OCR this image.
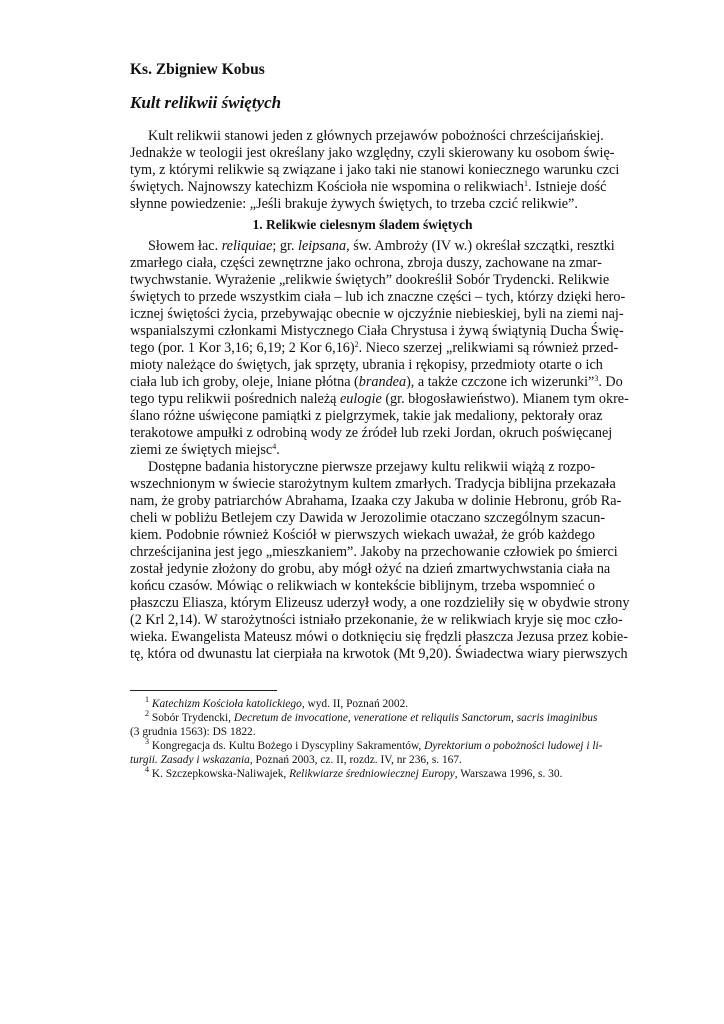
Ks. Zbigniew Kobus
Kult relikwii świętych
Kult relikwii stanowi jeden z głównych przejawów pobożności chrześcijańskiej.
Jednakże w teologii jest określany jako względny, czyli skierowany ku osobom świę-
tym, z którymi relikwie są związane i jako taki nie stanowi koniecznego warunku czci
świętych. Najnowszy katechizm Kościoła nie wspomina o relikwiach$^1$. Istnieje dość
słynne powiedzenie: „Jeśli brakuje żywych świętych, to trzeba czcić relikwie”.
1. Relikwie cielesnym śladem świętych
Słowem łac. reliquiae; gr. leipsana, św. Ambroży (IV w.) określał szczątki, resztki
zmarłego ciała, części zewnętrzne jako ochrona, zbroja duszy, zachowane na zmar-
twychwstanie. Wyrażenie „relikwie świętych” dookreślił Sobór Trydencki. Relikwie
świętych to przede wszystkim ciała – lub ich znaczne części – tych, którzy dzięki hero-
icznej świętości życia, przebywając obecnie w ojczyźnie niebieskiej, byli na ziemi naj-
wspanialszymi członkami Mistycznego Ciała Chrystusa i żywą świątynią Ducha Świę-
tego (por. 1 Kor 3,16; 6,19; 2 Kor 6,16)$^2$. Nieco szerzej „relikwiami są również przed-
mioty należące do świętych, jak sprzęty, ubrania i rękopisy, przedmioty otarte o ich
ciała lub ich groby, oleje, lniane płótna (brandea), a także czczone ich wizerunki”$^3$. Do
tego typu relikwii pośrednich należą eulogie (gr. błogosławieństwo). Mianem tym okre-
ślano różne uświęcone pamiątki z pielgrzymek, takie jak medaliony, pektorały oraz
terakotowe ampułki z odrobiną wody ze źródeł lub rzeki Jordan, okruch poświęcanej
ziemi ze świętych miejsc$^4$.
Dostępne badania historyczne pierwsze przejawy kultu relikwii wiążą z rozpo-
wszechnionym w świecie starożytnym kultem zmarłych. Tradycja biblijna przekazała
nam, że groby patriarchów Abrahama, Izaaka czy Jakuba w dolinie Hebronu, grób Ra-
cheli w pobliżu Betlejem czy Dawida w Jerozolimie otaczano szczególnym szacun-
kiem. Podobnie również Kościół w pierwszych wiekach uważał, że grób każdego
chrześcijanina jest jego „mieszkaniem”. Jakoby na przechowanie człowiek po śmierci
został jedynie złożony do grobu, aby mógł ożyć na dzień zmartwychwstania ciała na
końcu czasów. Mówiąc o relikwiach w kontekście biblijnym, trzeba wspomnieć o
płaszczu Eliasza, którym Elizeusz uderzył wody, a one rozdzieliły się w obydwie strony
(2 Krl 2,14). W starożytności istniało przekonanie, że w relikwiach kryje się moc czło-
wieka. Ewangelista Mateusz mówi o dotknięciu się frędzli płaszcza Jezusa przez kobie-
tę, która od dwunastu lat cierpiała na krwotok (Mt 9,20). Świadectwa wiary pierwszych
$^1$ Katechizm Kościoła katolickiego, wyd. II, Poznań 2002.
$^2$ Sobór Trydencki, Decretum de invocatione, veneratione et reliquiis Sanctorum, sacris imaginibus
(3 grudnia 1563): DS 1822.
$^3$ Kongregacja ds. Kultu Bożego i Dyscypliny Sakramentów, Dyrektorium o pobożności ludowej i li-
turgii. Zasady i wskazania, Poznań 2003, cz. II, rozdz. IV, nr 236, s. 167.
$^4$ K. Szczepkowska-Naliwajek, Relikwiarze średniowiecznej Europy, Warszawa 1996, s. 30.
